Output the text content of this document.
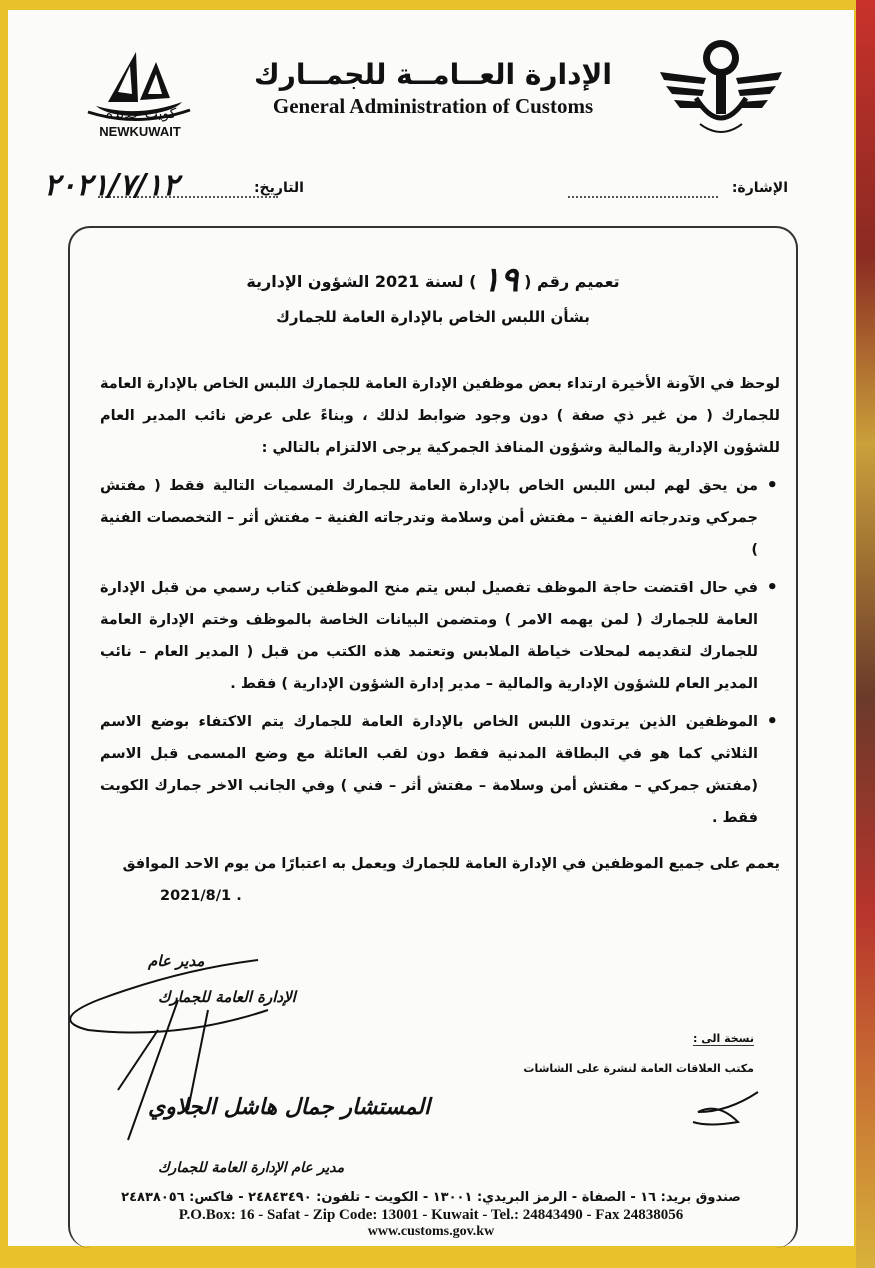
كويت جديدة
NEWKUWAIT
الإدارة العــامــة للجمــارك
General Administration of Customs
الإشارة:
التاريخ:
٢٠٢١/٧/١٢
تعميم رقم ( ١٩ ) لسنة 2021 الشؤون الإدارية
بشأن اللبس الخاص بالإدارة العامة للجمارك

لوحظ في الآونة الأخيرة ارتداء بعض موظفين الإدارة العامة للجمارك اللبس الخاص بالإدارة العامة للجمارك ( من غير ذي صفة ) دون وجود ضوابط لذلك ، وبناءً على عرض نائب المدير العام للشؤون الإدارية والمالية وشؤون المنافذ الجمركية يرجى الالتزام بالتالي :

• من يحق لهم لبس اللبس الخاص بالإدارة العامة للجمارك المسميات التالية فقط ( مفتش جمركي وتدرجاته الفنية – مفتش أمن وسلامة وتدرجاته الفنية – مفتش أثر – التخصصات الفنية )
• في حال اقتضت حاجة الموظف تفصيل لبس يتم منح الموظفين كتاب رسمي من قبل الإدارة العامة للجمارك ( لمن يهمه الامر ) ومتضمن البيانات الخاصة بالموظف وختم الإدارة العامة للجمارك لتقديمه لمحلات خياطة الملابس وتعتمد هذه الكتب من قبل ( المدير العام – نائب المدير العام للشؤون الإدارية والمالية – مدير إدارة الشؤون الإدارية ) فقط .
• الموظفين الذين يرتدون اللبس الخاص بالإدارة العامة للجمارك يتم الاكتفاء بوضع الاسم الثلاثي كما هو في البطاقة المدنية فقط دون لقب العائلة مع وضع المسمى قبل الاسم (مفتش جمركي – مفتش أمن وسلامة – مفتش أثر – فني ) وفي الجانب الاخر جمارك الكويت فقط .

يعمم على جميع الموظفين في الإدارة العامة للجمارك ويعمل به اعتبارًا من يوم الاحد الموافق

. 2021/8/1

مدير عام
الإدارة العامة للجمارك
المستشار جمال هاشل الجلاوي
مدير عام الإدارة العامة للجمارك
نسخة الى :
مكتب العلاقات العامة لنشرة على الشاشات
صندوق بريد: ١٦ - الصفاة - الرمز البريدي: ١٣٠٠١ - الكويت - تلفون: ٢٤٨٤٣٤٩٠ - فاكس: ٢٤٨٣٨٠٥٦
P.O.Box: 16 - Safat - Zip Code: 13001 - Kuwait - Tel.: 24843490 - Fax 24838056
www.customs.gov.kw
